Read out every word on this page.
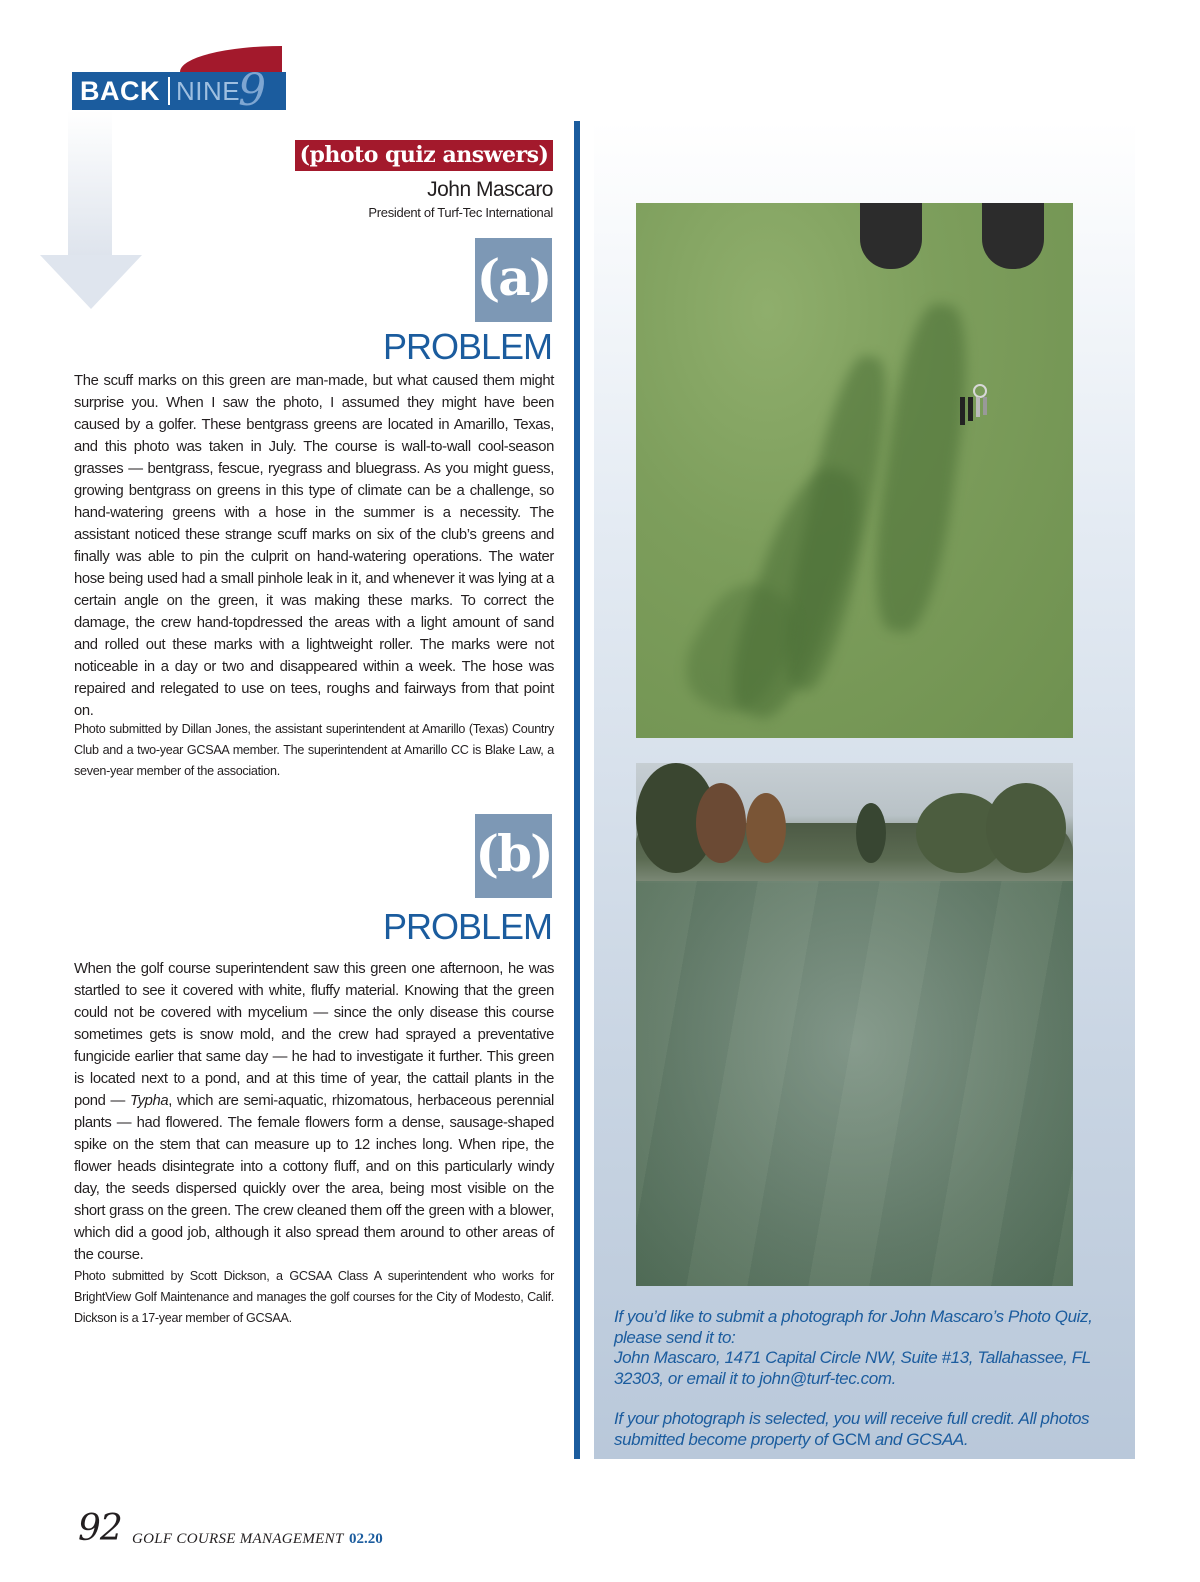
BACK NINE
9
(photo quiz answers)
John Mascaro
President of Turf-Tec International
(a)
PROBLEM
The scuff marks on this green are man-made, but what caused them might surprise you. When I saw the photo, I assumed they might have been caused by a golfer. These bentgrass greens are located in Amarillo, Texas, and this photo was taken in July. The course is wall-to-wall cool-season grasses — bentgrass, fescue, ryegrass and bluegrass. As you might guess, growing bentgrass on greens in this type of climate can be a challenge, so hand-watering greens with a hose in the summer is a necessity. The assistant noticed these strange scuff marks on six of the club’s greens and finally was able to pin the culprit on hand-watering operations. The water hose being used had a small pinhole leak in it, and whenever it was lying at a certain angle on the green, it was making these marks. To correct the damage, the crew hand-topdressed the areas with a light amount of sand and rolled out these marks with a lightweight roller. The marks were not noticeable in a day or two and disappeared within a week. The hose was repaired and relegated to use on tees, roughs and fairways from that point on.
Photo submitted by Dillan Jones, the assistant superintendent at Amarillo (Texas) Country Club and a two-year GCSAA member. The superintendent at Amarillo CC is Blake Law, a seven-year member of the association.
(b)
PROBLEM
When the golf course superintendent saw this green one afternoon, he was startled to see it covered with white, fluffy material. Knowing that the green could not be covered with mycelium — since the only disease this course sometimes gets is snow mold, and the crew had sprayed a preventative fungicide earlier that same day — he had to investigate it further. This green is located next to a pond, and at this time of year, the cattail plants in the pond — Typha, which are semi-aquatic, rhizomatous, herbaceous perennial plants — had flowered. The female flowers form a dense, sausage-shaped spike on the stem that can measure up to 12 inches long. When ripe, the flower heads disintegrate into a cottony fluff, and on this particularly windy day, the seeds dispersed quickly over the area, being most visible on the short grass on the green. The crew cleaned them off the green with a blower, which did a good job, although it also spread them around to other areas of the course.
Photo submitted by Scott Dickson, a GCSAA Class A superintendent who works for BrightView Golf Maintenance and manages the golf courses for the City of Modesto, Calif. Dickson is a 17-year member of GCSAA.	If you’d like to submit a photograph for John Mascaro’s Photo Quiz, please send it to:

John Mascaro, 1471 Capital Circle NW, Suite #13, Tallahassee, FL 32303, or email it to john@turf-tec.com.

If your photograph is selected, you will receive full credit. All photos submitted become property of GCM and GCSAA.

92 GOLF COURSE MANAGEMENT 02.20
